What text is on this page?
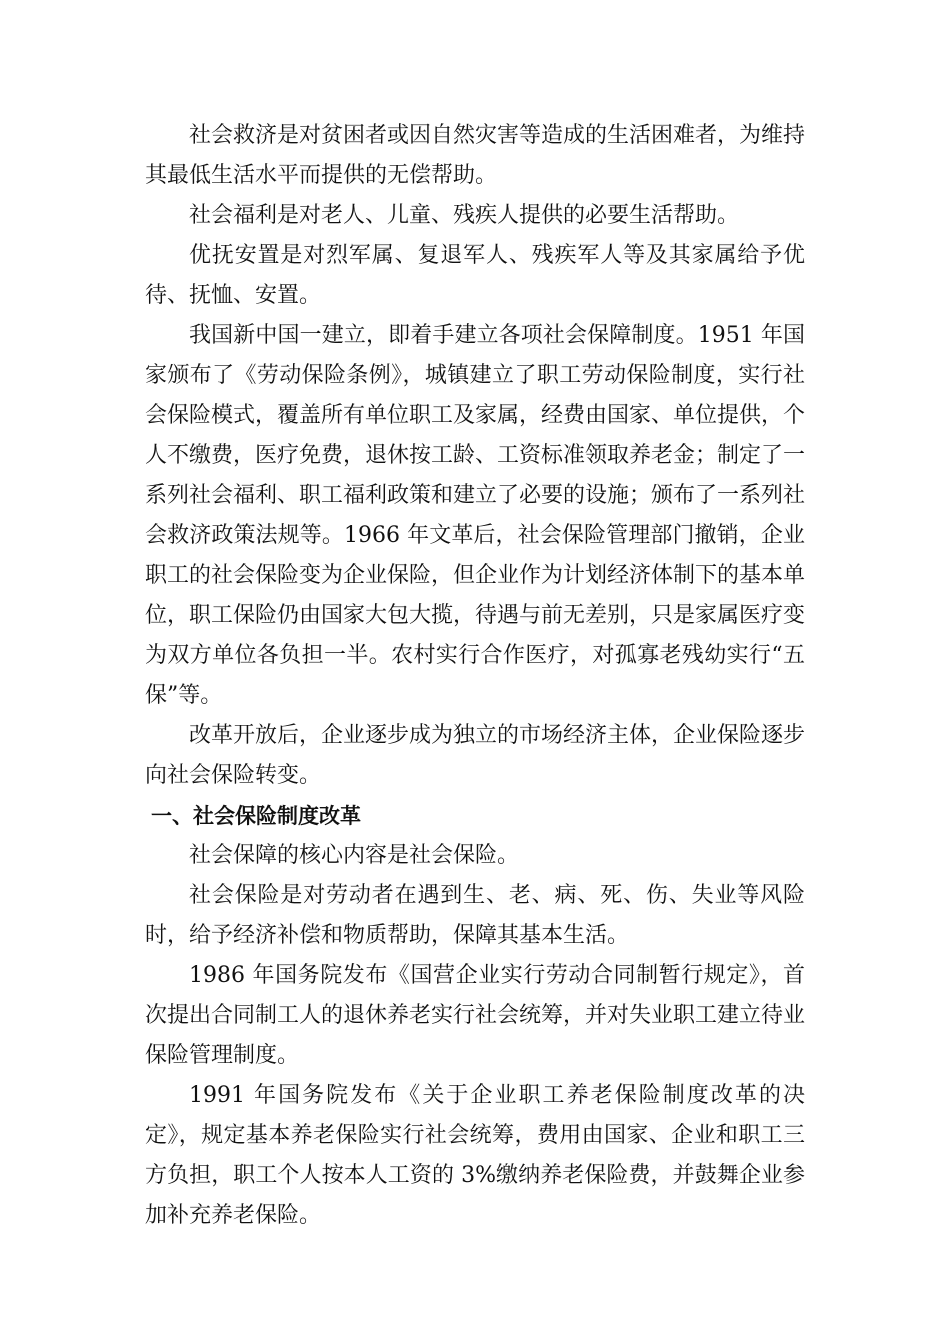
社会救济是对贫困者或因自然灾害等造成的生活困难者，为维持其最低生活水平而提供的无偿帮助。

社会福利是对老人、儿童、残疾人提供的必要生活帮助。

优抚安置是对烈军属、复退军人、残疾军人等及其家属给予优待、抚恤、安置。

我国新中国一建立，即着手建立各项社会保障制度。1951 年国家颁布了《劳动保险条例》，城镇建立了职工劳动保险制度，实行社会保险模式，覆盖所有单位职工及家属，经费由国家、单位提供，个人不缴费，医疗免费，退休按工龄、工资标准领取养老金；制定了一系列社会福利、职工福利政策和建立了必要的设施；颁布了一系列社会救济政策法规等。1966 年文革后，社会保险管理部门撤销，企业职工的社会保险变为企业保险，但企业作为计划经济体制下的基本单位，职工保险仍由国家大包大揽，待遇与前无差别，只是家属医疗变为双方单位各负担一半。农村实行合作医疗，对孤寡老残幼实行“五保”等。

改革开放后，企业逐步成为独立的市场经济主体，企业保险逐步向社会保险转变。

一、社会保险制度改革

社会保障的核心内容是社会保险。

社会保险是对劳动者在遇到生、老、病、死、伤、失业等风险时，给予经济补偿和物质帮助，保障其基本生活。

1986 年国务院发布《国营企业实行劳动合同制暂行规定》，首次提出合同制工人的退休养老实行社会统筹，并对失业职工建立待业保险管理制度。

1991 年国务院发布《关于企业职工养老保险制度改革的决定》，规定基本养老保险实行社会统筹，费用由国家、企业和职工三方负担，职工个人按本人工资的 3%缴纳养老保险费，并鼓舞企业参加补充养老保险。
